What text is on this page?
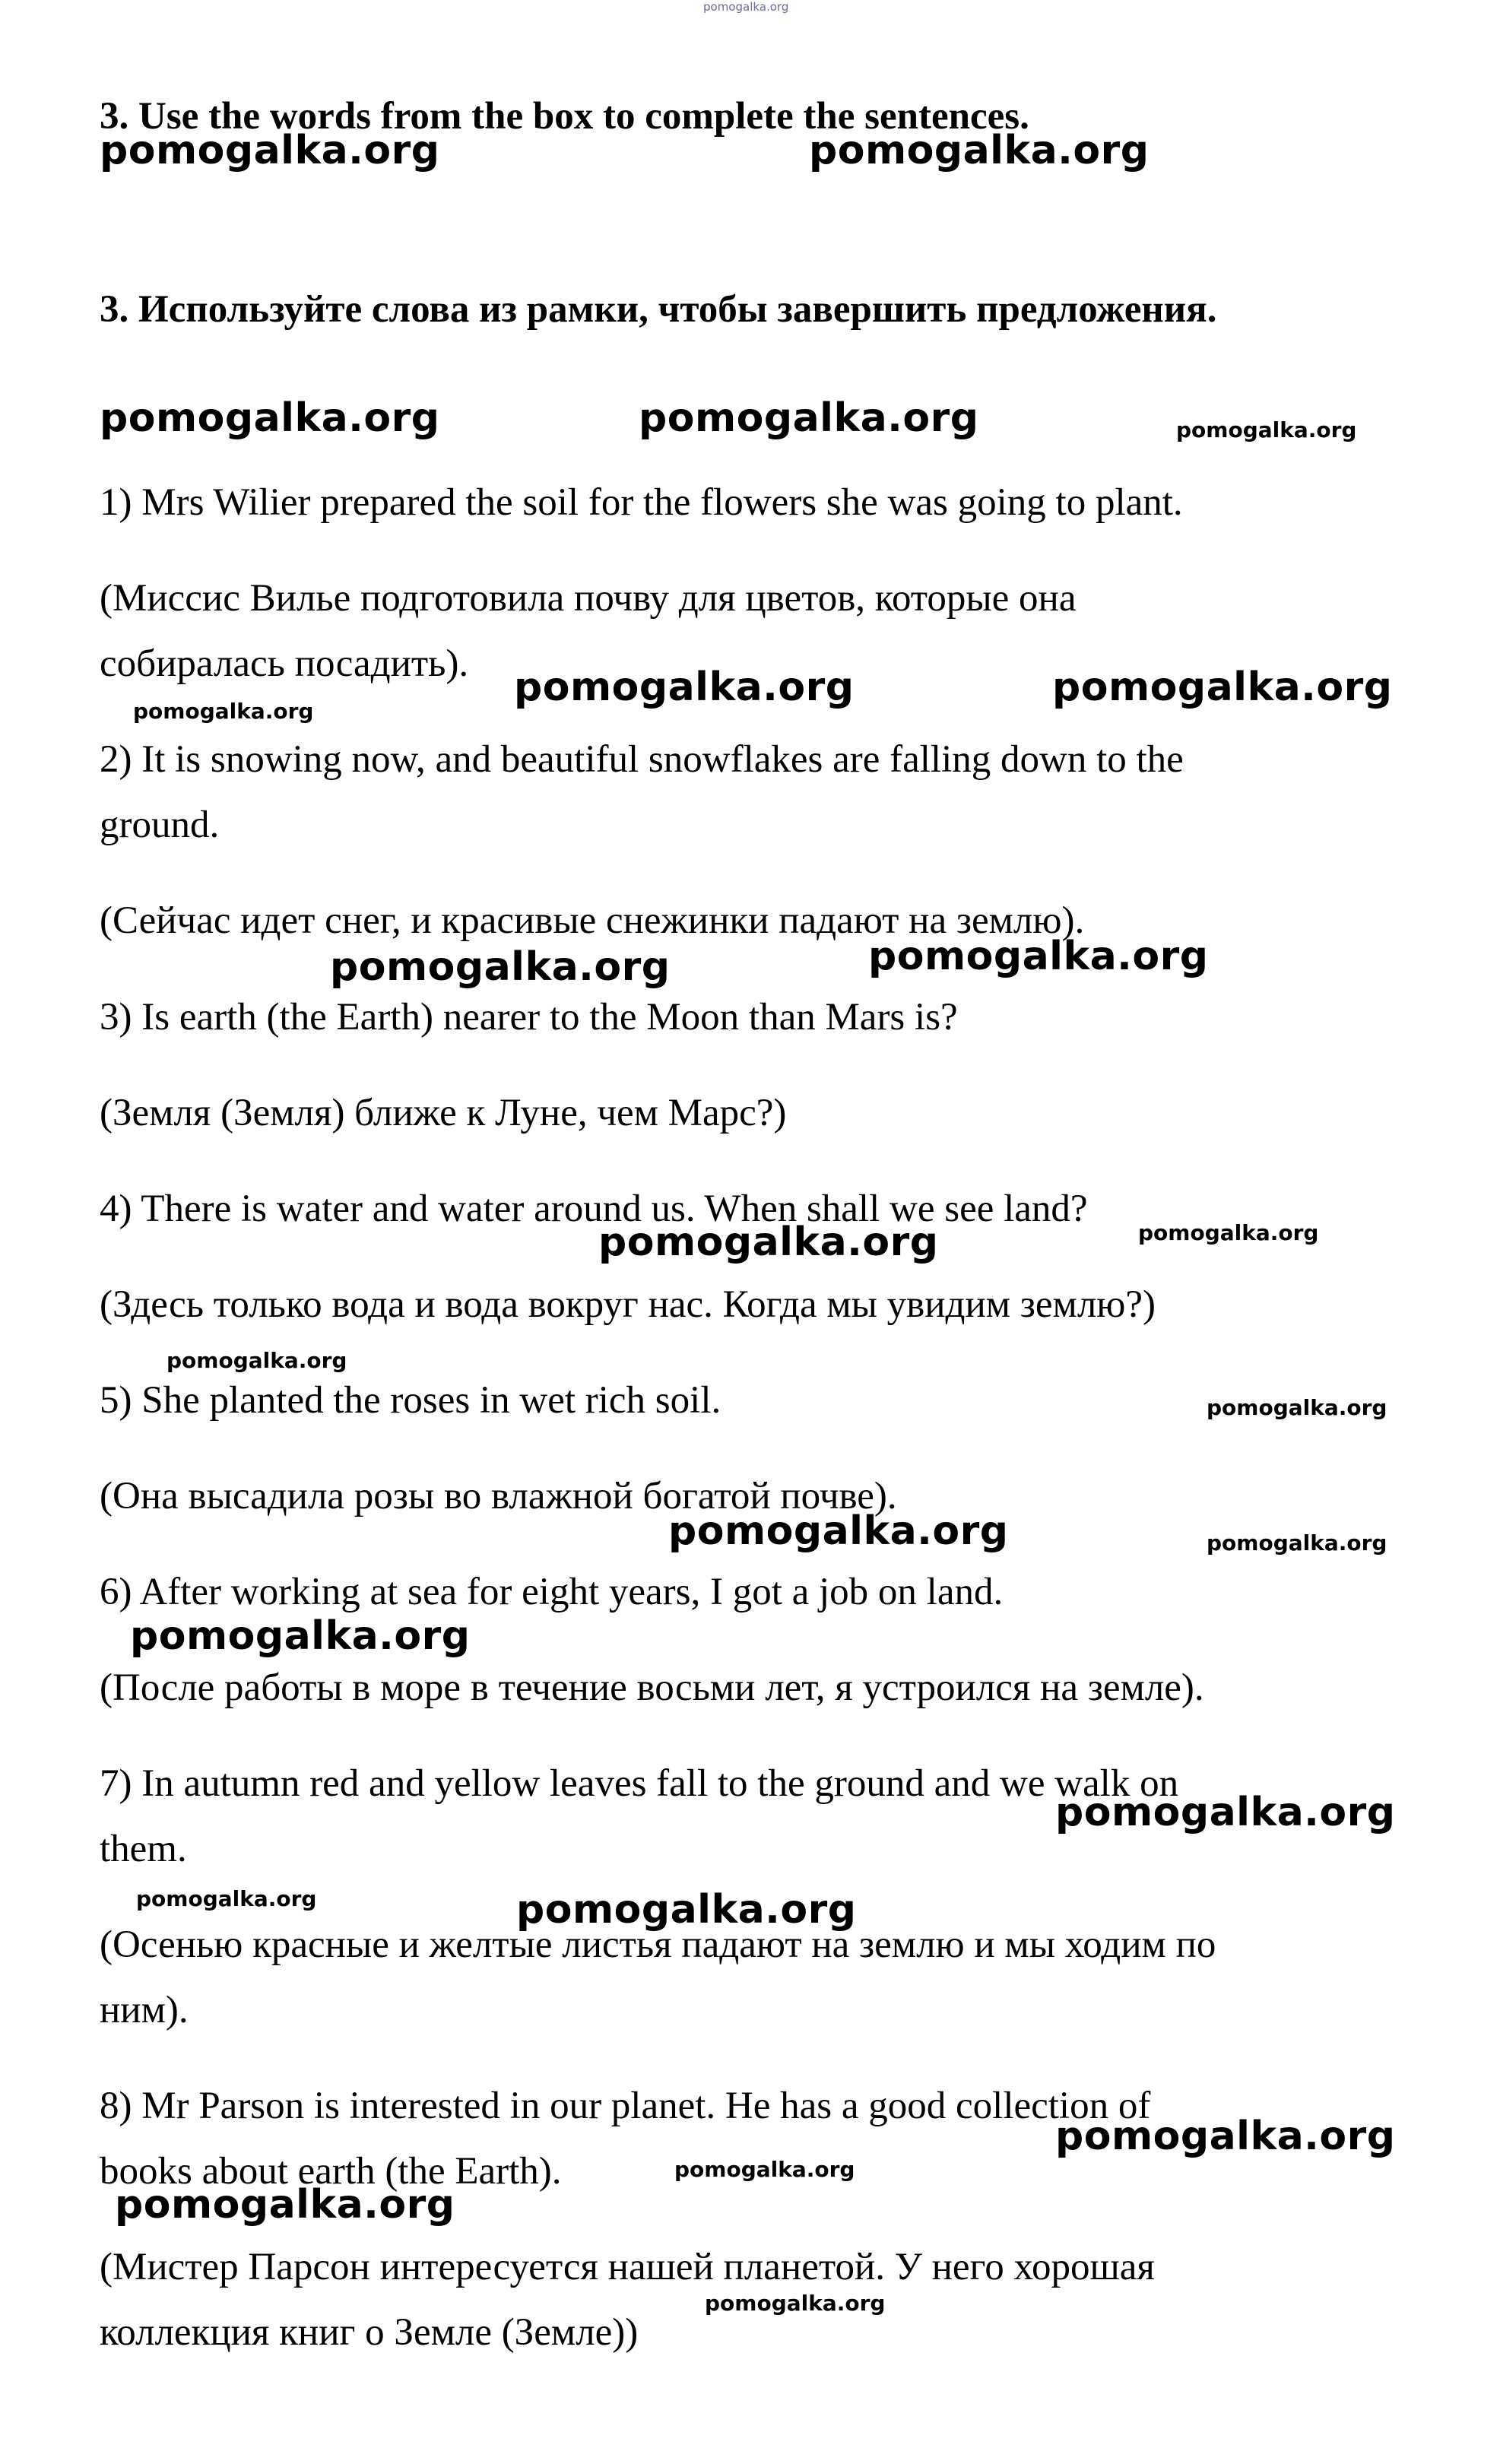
pomogalka.org
3. Use the words from the box to complete the sentences.
3. Используйте слова из рамки, чтобы завершить предложения.
1) Mrs Wilier prepared the soil for the flowers she was going to plant.
(Миссис Вилье подготовила почву для цветов, которые она
собиралась посадить).
2) It is snowing now, and beautiful snowflakes are falling down to the
ground.
(Сейчас идет снег, и красивые снежинки падают на землю).
3) Is earth (the Earth) nearer to the Moon than Mars is?
(Земля (Земля) ближе к Луне, чем Марс?)
4) There is water and water around us. When shall we see land?
(Здесь только вода и вода вокруг нас. Когда мы увидим землю?)
5) She planted the roses in wet rich soil.
(Она высадила розы во влажной богатой почве).
6) After working at sea for eight years, I got a job on land.
(После работы в море в течение восьми лет, я устроился на земле).
7) In autumn red and yellow leaves fall to the ground and we walk on
them.
(Осенью красные и желтые листья падают на землю и мы ходим по
ним).
8) Mr Parson is interested in our planet. He has a good collection of
books about earth (the Earth).
(Мистер Парсон интересуется нашей планетой. У него хорошая
коллекция книг о Земле (Земле))
pomogalka.org	pomogalka.org
pomogalka.org	pomogalka.org
pomogalka.org	pomogalka.org
pomogalka.org	pomogalka.org
pomogalka.org
pomogalka.org
pomogalka.org
pomogalka.org
pomogalka.org
pomogalka.org
pomogalka.org
pomogalka.org
pomogalka.org
pomogalka.org
pomogalka.org
pomogalka.org
pomogalka.org
pomogalka.org
pomogalka.org
pomogalka.org
